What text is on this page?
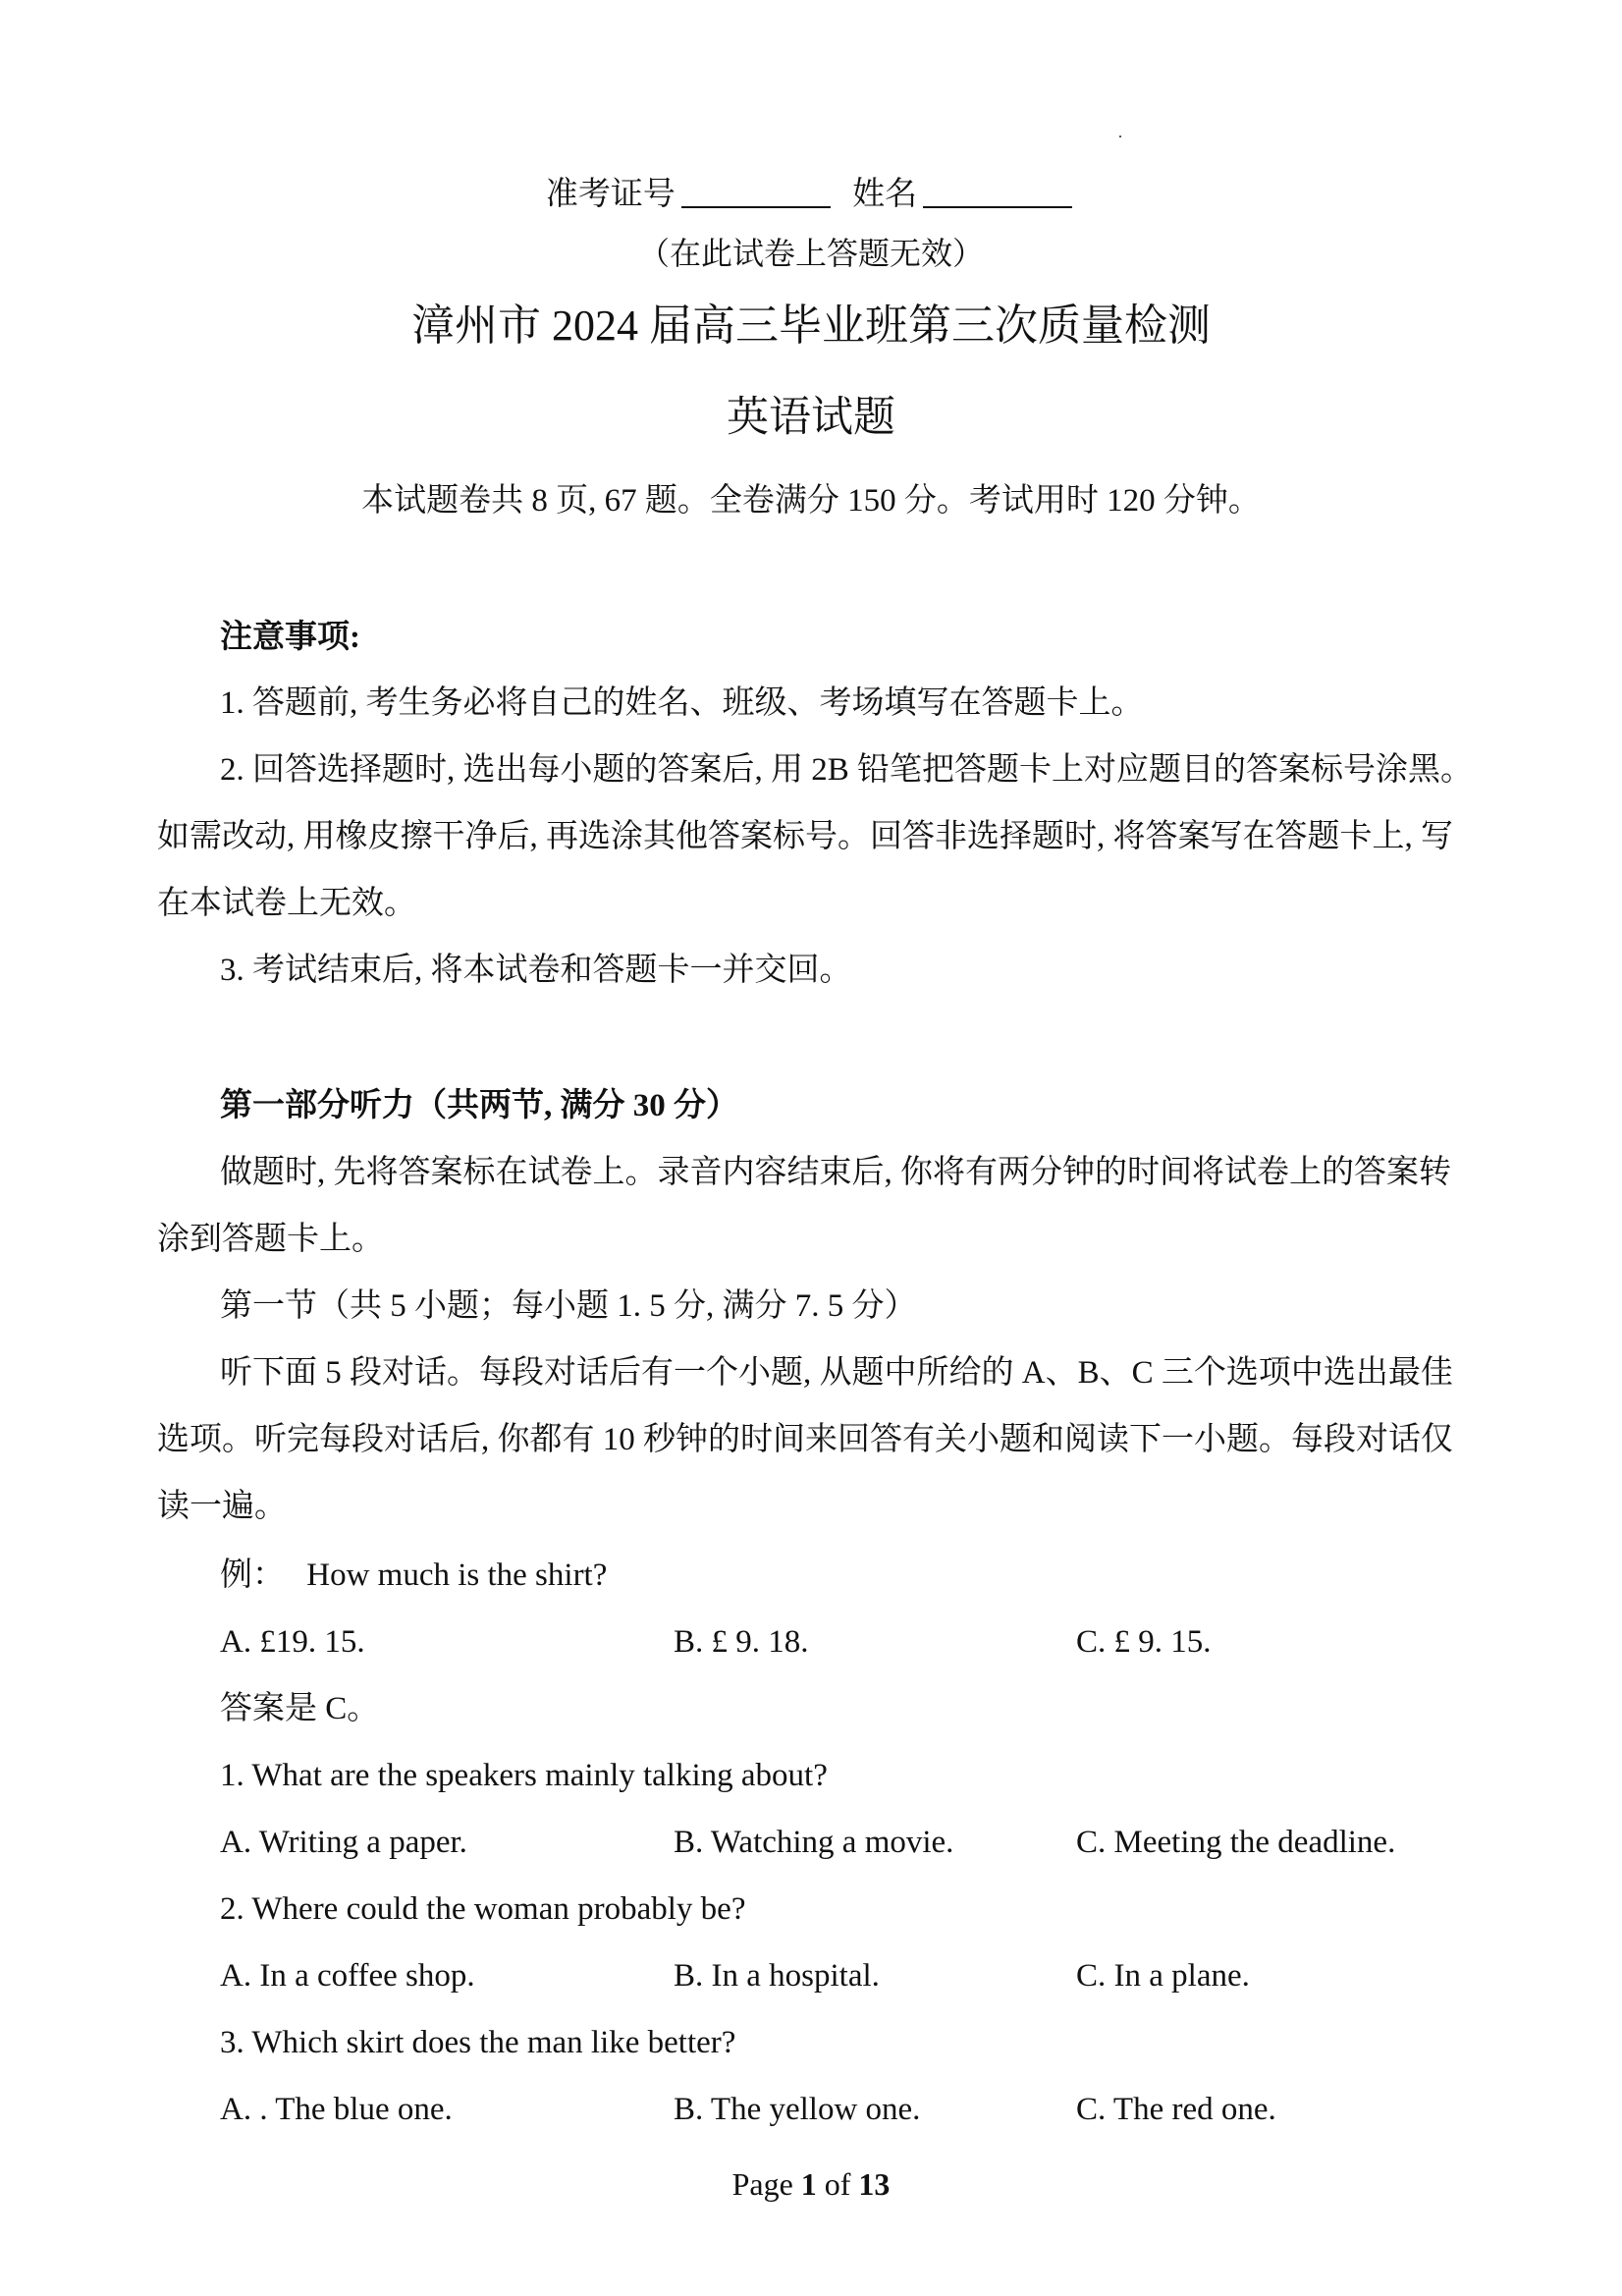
准考证号	姓名
（在此试卷上答题无效）
漳州市 2024 届高三毕业班第三次质量检测
英语试题
本试题卷共 8 页, 67 题。全卷满分 150 分。考试用时 120 分钟。
注意事项:
1. 答题前, 考生务必将自己的姓名、班级、考场填写在答题卡上。
2. 回答选择题时, 选出每小题的答案后, 用 2B 铅笔把答题卡上对应题目的答案标号涂黑。
如需改动, 用橡皮擦干净后, 再选涂其他答案标号。回答非选择题时, 将答案写在答题卡上, 写
在本试卷上无效。
3. 考试结束后, 将本试卷和答题卡一并交回。
第一部分听力（共两节, 满分 30 分）
做题时, 先将答案标在试卷上。录音内容结束后, 你将有两分钟的时间将试卷上的答案转
涂到答题卡上。
第一节（共 5 小题；每小题 1. 5 分, 满分 7. 5 分）
听下面 5 段对话。每段对话后有一个小题, 从题中所给的 A、B、C 三个选项中选出最佳
选项。听完每段对话后, 你都有 10 秒钟的时间来回答有关小题和阅读下一小题。每段对话仅
读一遍。
例： How much is the shirt?
A. £19. 15.	B. £ 9. 18.	C. £ 9. 15.
答案是 C。
1. What are the speakers mainly talking about?
A. Writing a paper.	B. Watching a movie.	C. Meeting the deadline.
2. Where could the woman probably be?
A. In a coffee shop.	B. In a hospital.	C. In a plane.
3. Which skirt does the man like better?
A. . The blue one.	B. The yellow one.	C. The red one.
Page 1 of 13
